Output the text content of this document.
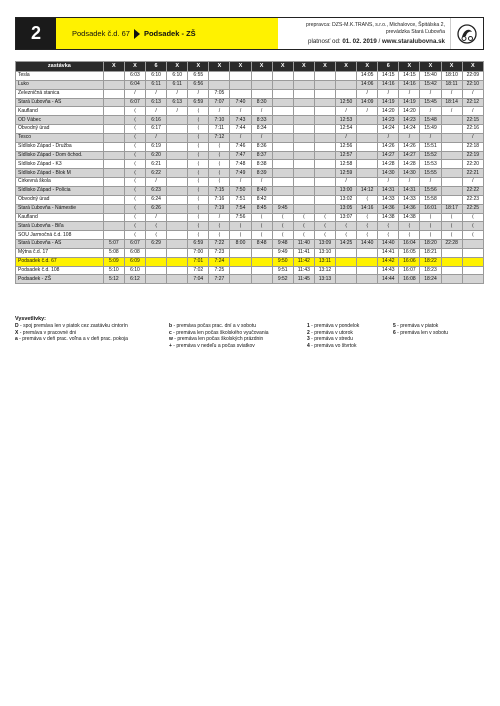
2	Podsadek č.d. 67 Podsadek - ZŠ
prepravca: DZS-M.K.TRANS, s.r.o., Michalovce, Špitálska 2,
prevádzka Stará Ľubovňa
platnosť od: 01. 02. 2019 / www.staralubovna.sk
zastávka	X	X	6	X	X	X	X	X	X	X	X	X	X	6	X	X	X	X
Tesla		6:03	6:10	6:10	6:55								14:05	14:15	14:15	15:40	18:10	22:09
Luko		6:04	6:11	6:11	6:56								14:06	14:16	14:16	15:42	18:11	22:10
Železničná stanica		/	/	/	/	7:05							/	/	/	/	/	/
Stará Ľubovňa - AS		6:07	6:13	6:13	6:59	7:07	7:40	8:30				12:50	14:09	14:19	14:19	15:45	18:14	22:12
Kaufland		⟨	/	/	⟨	/	/	/				/	/	14:20	14:20	/	/	/
OD Vábec		⟨	6:16		⟨	7:10	7:43	8:33				12:53		14:23	14:23	15:48		22:15
Obvodný úrad		⟨	6:17		⟨	7:11	7:44	8:34				12:54		14:24	14:24	15:49		22:16
Tesco		⟨	/		⟨	7:12	/	/				/		/	/	/		/
Sídlisko Západ - Družba		⟨	6:19		⟨	⟨	7:46	8:36				12:56		14:26	14:26	15:51		22:18
Sídlisko Západ - Dom ôchod.		⟨	6:20		⟨	⟨	7:47	8:37				12:57		14:27	14:27	15:52		22:19
Sídlisko Západ - K3		⟨	6:21		⟨	⟨	7:48	8:38				12:58		14:28	14:28	15:53		22:20
Sídlisko Západ - Blok M		⟨	6:22		⟨	⟨	7:49	8:39				12:59		14:30	14:30	15:55		22:21
Cirkevná škola		⟨	/		⟨	⟨	/	/				/		/	/	/		/
Sídlisko Západ - Polícia		⟨	6:23		⟨	7:15	7:50	8:40				13:00	14:12	14:31	14:31	15:56		22:22
Obvodný úrad		⟨	6:24		⟨	7:16	7:51	8:42				13:02	⟨	14:33	14:33	15:58		22:23
Stará Ľubovňa - Námestie		⟨	6:26		⟨	7:19	7:54	8:45	9:45			13:05	14:16	14:36	14:36	16:01	18:17	22:25
Kaufland		⟨	/		⟨	/	7:56	⟨	⟨	⟨	⟨	13:07	⟨	14:38	14:38	⟨	⟨	⟨
Stará Ľubovňa - Biľa		⟨	⟨		⟨	⟨	⟨	⟨	⟨	⟨	⟨	⟨	⟨	⟨	⟨	⟨	⟨	⟨
SOU Jarmočná č.d. 108		⟨	⟨		⟨	⟨	⟨	⟨	⟨	⟨	⟨	⟨	⟨	⟨	⟨	⟨	⟨	⟨
Stará Ľubovňa - AS	5:07	6:07	6:29		6:59	7:22	8:00	8:48	9:48	11:40	13:09	14:25	14:40	14:40	16:04	18:20	22:28	
Mýtna č.d. 17	5:08	6:08			7:00	7:23			9:49	11:41	13:10			14:41	16:05	18:21		
Podsadek č.d. 67	5:09	6:09			7:01	7:24			9:50	11:42	13:11			14:42	16:06	18:22		
Podsadek č.d. 108	5:10	6:10			7:02	7:25			9:51	11:43	13:12			14:43	16:07	18:23		
Podsadek - ZŠ	5:12	6:12			7:04	7:27			9:52	11:45	13:13			14:44	16:08	18:24		
Vysvetlivky:
D - spoj premáva len v piatok cez zastávku cintorín
X - premáva v pracovné dni
a - premáva v deň prac. voľna a v deň prac. pokoja
b - premáva počas prac. dní a v sobotu
c - premáva len počas školského vyučovania
w - premáva len počas školských prázdnin
+ - premáva v nedeľu a počas sviatkov
1 - premáva v pondelok
2 - premáva v utorok
3 - premáva v stredu
4 - premáva vo štvrtok
5 - premáva v piatok
6 - premáva len v sobotu
